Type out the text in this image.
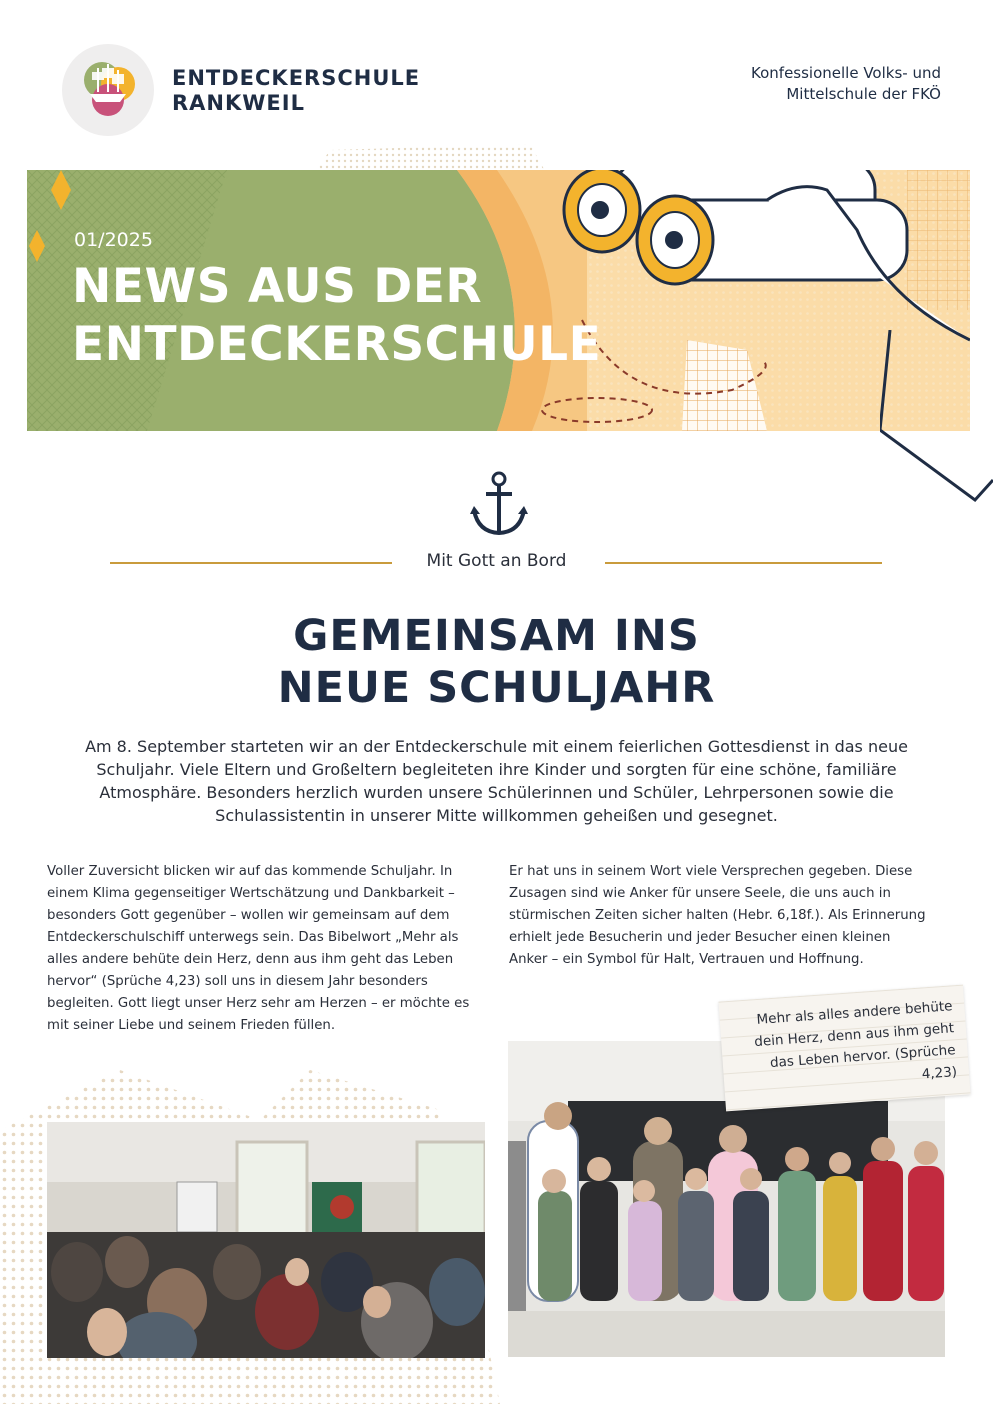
ENTDECKERSCHULE
RANKWEIL
Konfessionelle Volks- und
Mittelschule der FKÖ
01/2025
NEWS AUS DER
ENTDECKERSCHULE
Mit Gott an Bord
GEMEINSAM INS
NEUE SCHULJAHR
Am 8. September starteten wir an der Entdeckerschule mit einem feierlichen Gottesdienst in das neue Schuljahr. Viele Eltern und Großeltern begleiteten ihre Kinder und sorgten für eine schöne, familiäre Atmosphäre. Besonders herzlich wurden unsere Schülerinnen und Schüler, Lehrpersonen sowie die Schulassistentin in unserer Mitte willkommen geheißen und gesegnet.
Voller Zuversicht blicken wir auf das kommende Schuljahr. In einem Klima gegenseitiger Wertschätzung und Dankbarkeit – besonders Gott gegenüber – wollen wir gemeinsam auf dem Entdeckerschulschiff unterwegs sein. Das Bibelwort „Mehr als alles andere behüte dein Herz, denn aus ihm geht das Leben hervor“ (Sprüche 4,23) soll uns in diesem Jahr besonders begleiten. Gott liegt unser Herz sehr am Herzen – er möchte es mit seiner Liebe und seinem Frieden füllen.
Er hat uns in seinem Wort viele Versprechen gegeben. Diese Zusagen sind wie Anker für unsere Seele, die uns auch in stürmischen Zeiten sicher halten (Hebr. 6,18f.). Als Erinnerung erhielt jede Besucherin und jeder Besucher einen kleinen Anker – ein Symbol für Halt, Vertrauen und Hoffnung.
Mehr als alles andere behüte dein Herz, denn aus ihm geht das Leben hervor. (Sprüche 4,23)
